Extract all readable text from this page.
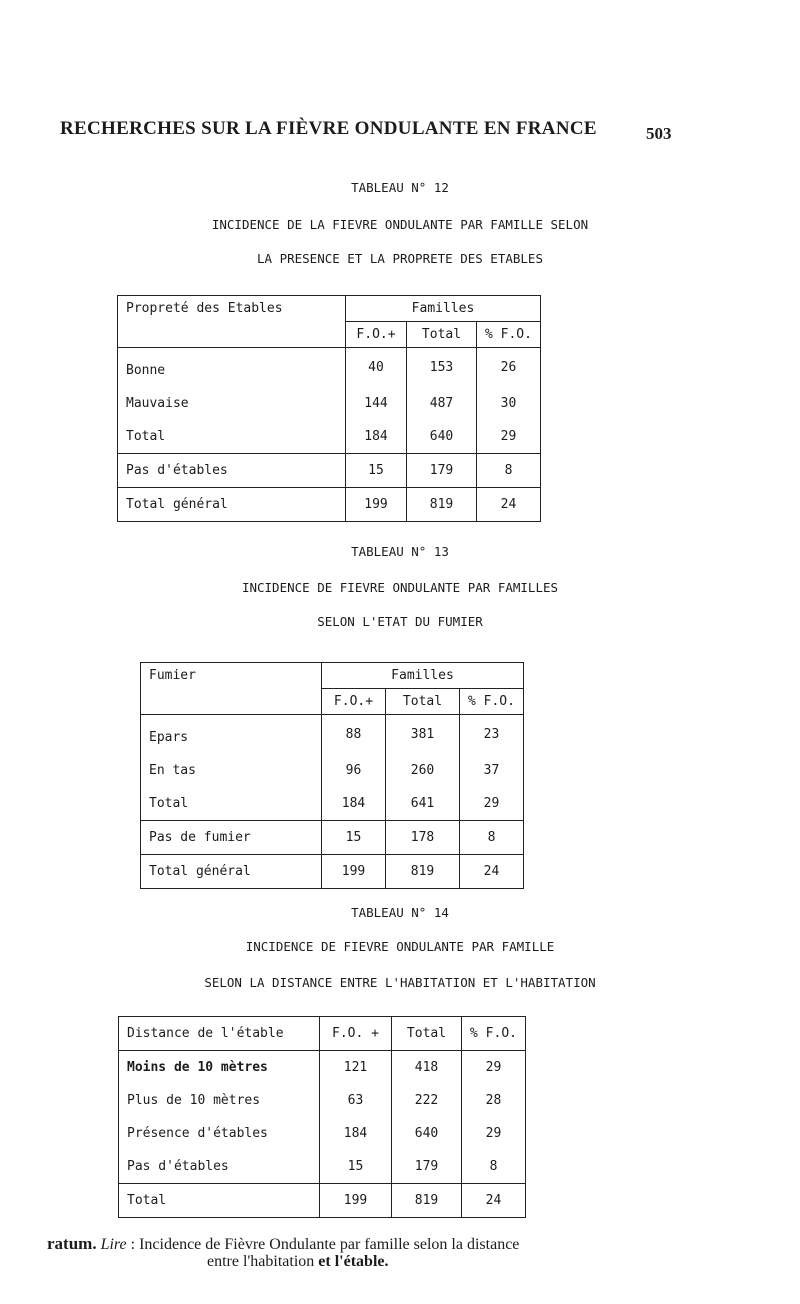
RECHERCHES SUR LA FIÈVRE ONDULANTE EN FRANCE	503
TABLEAU N° 12
INCIDENCE DE LA FIEVRE ONDULANTE PAR FAMILLE SELON
LA PRESENCE ET LA PROPRETE DES ETABLES
Propreté des Etables	Familles		
	F.O.+	Total	% F.O.
Bonne	40	153	26
Mauvaise	144	487	30
Total	184	640	29
Pas d'étables	15	179	8
Total général	199	819	24
TABLEAU N° 13
INCIDENCE DE FIEVRE ONDULANTE PAR FAMILLES
SELON L'ETAT DU FUMIER
Fumier	Familles		
	F.O.+	Total	% F.O.
Epars	88	381	23
En tas	96	260	37
Total	184	641	29
Pas de fumier	15	178	8
Total général	199	819	24
TABLEAU N° 14
INCIDENCE DE FIEVRE ONDULANTE PAR FAMILLE
SELON LA DISTANCE ENTRE L'HABITATION ET L'HABITATION
Distance de l'étable	F.O. +	Total	% F.O.
Moins de 10 mètres	121	418	29
Plus de 10 mètres	63	222	28
Présence d'étables	184	640	29
Pas d'étables	15	179	8
Total	199	819	24
ratum. Lire : Incidence de Fièvre Ondulante par famille selon la distance
entre l'habitation et l'étable.
